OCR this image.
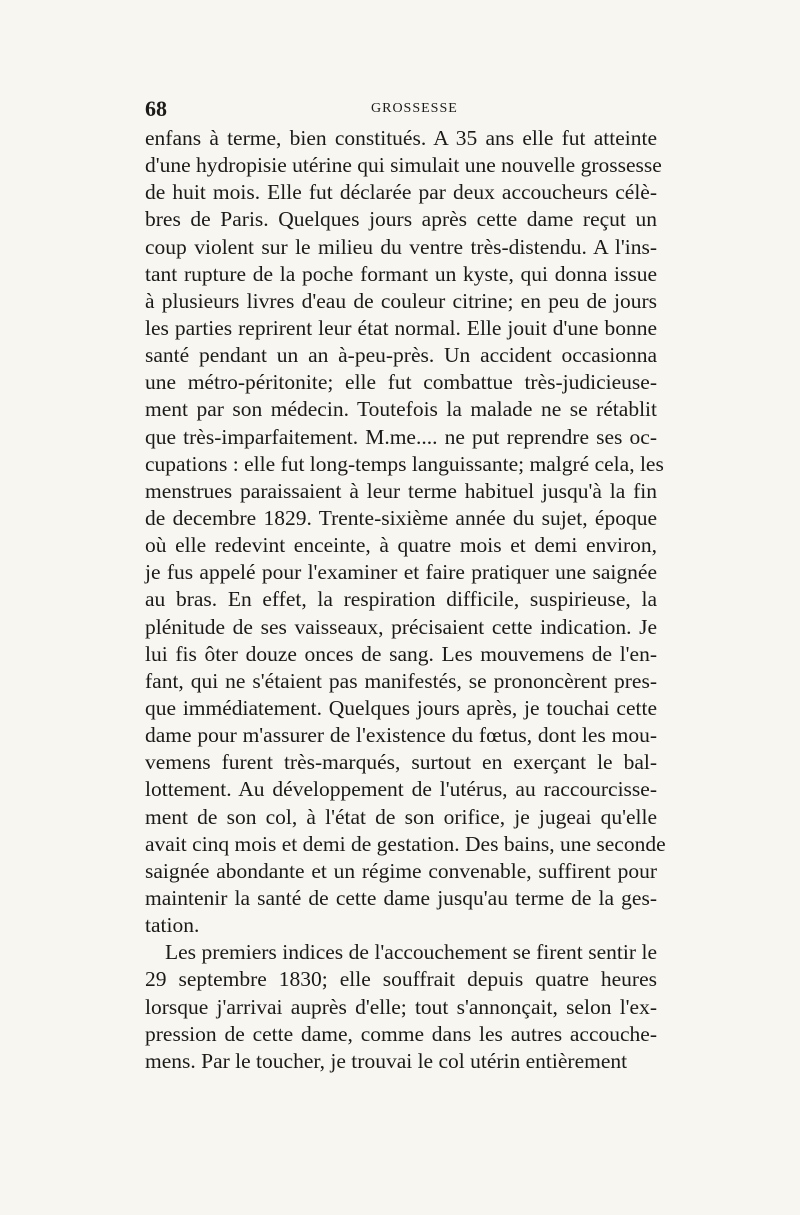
68	GROSSESSE
enfans à terme, bien constitués. A 35 ans elle fut atteinte
d'une hydropisie utérine qui simulait une nouvelle grossesse
de huit mois. Elle fut déclarée par deux accoucheurs célè-
bres de Paris. Quelques jours après cette dame reçut un
coup violent sur le milieu du ventre très-distendu. A l'ins-
tant rupture de la poche formant un kyste, qui donna issue
à plusieurs livres d'eau de couleur citrine; en peu de jours
les parties reprirent leur état normal. Elle jouit d'une bonne
santé pendant un an à-peu-près. Un accident occasionna
une métro-péritonite; elle fut combattue très-judicieuse-
ment par son médecin. Toutefois la malade ne se rétablit
que très-imparfaitement. M.me.... ne put reprendre ses oc-
cupations : elle fut long-temps languissante; malgré cela, les
menstrues paraissaient à leur terme habituel jusqu'à la fin
de decembre 1829. Trente-sixième année du sujet, époque
où elle redevint enceinte, à quatre mois et demi environ,
je fus appelé pour l'examiner et faire pratiquer une saignée
au bras. En effet, la respiration difficile, suspirieuse, la
plénitude de ses vaisseaux, précisaient cette indication. Je
lui fis ôter douze onces de sang. Les mouvemens de l'en-
fant, qui ne s'étaient pas manifestés, se prononcèrent pres-
que immédiatement. Quelques jours après, je touchai cette
dame pour m'assurer de l'existence du fœtus, dont les mou-
vemens furent très-marqués, surtout en exerçant le bal-
lottement. Au développement de l'utérus, au raccourcisse-
ment de son col, à l'état de son orifice, je jugeai qu'elle
avait cinq mois et demi de gestation. Des bains, une seconde
saignée abondante et un régime convenable, suffirent pour
maintenir la santé de cette dame jusqu'au terme de la ges-
tation.
Les premiers indices de l'accouchement se firent sentir le
29 septembre 1830; elle souffrait depuis quatre heures
lorsque j'arrivai auprès d'elle; tout s'annonçait, selon l'ex-
pression de cette dame, comme dans les autres accouche-
mens. Par le toucher, je trouvai le col utérin entièrement
